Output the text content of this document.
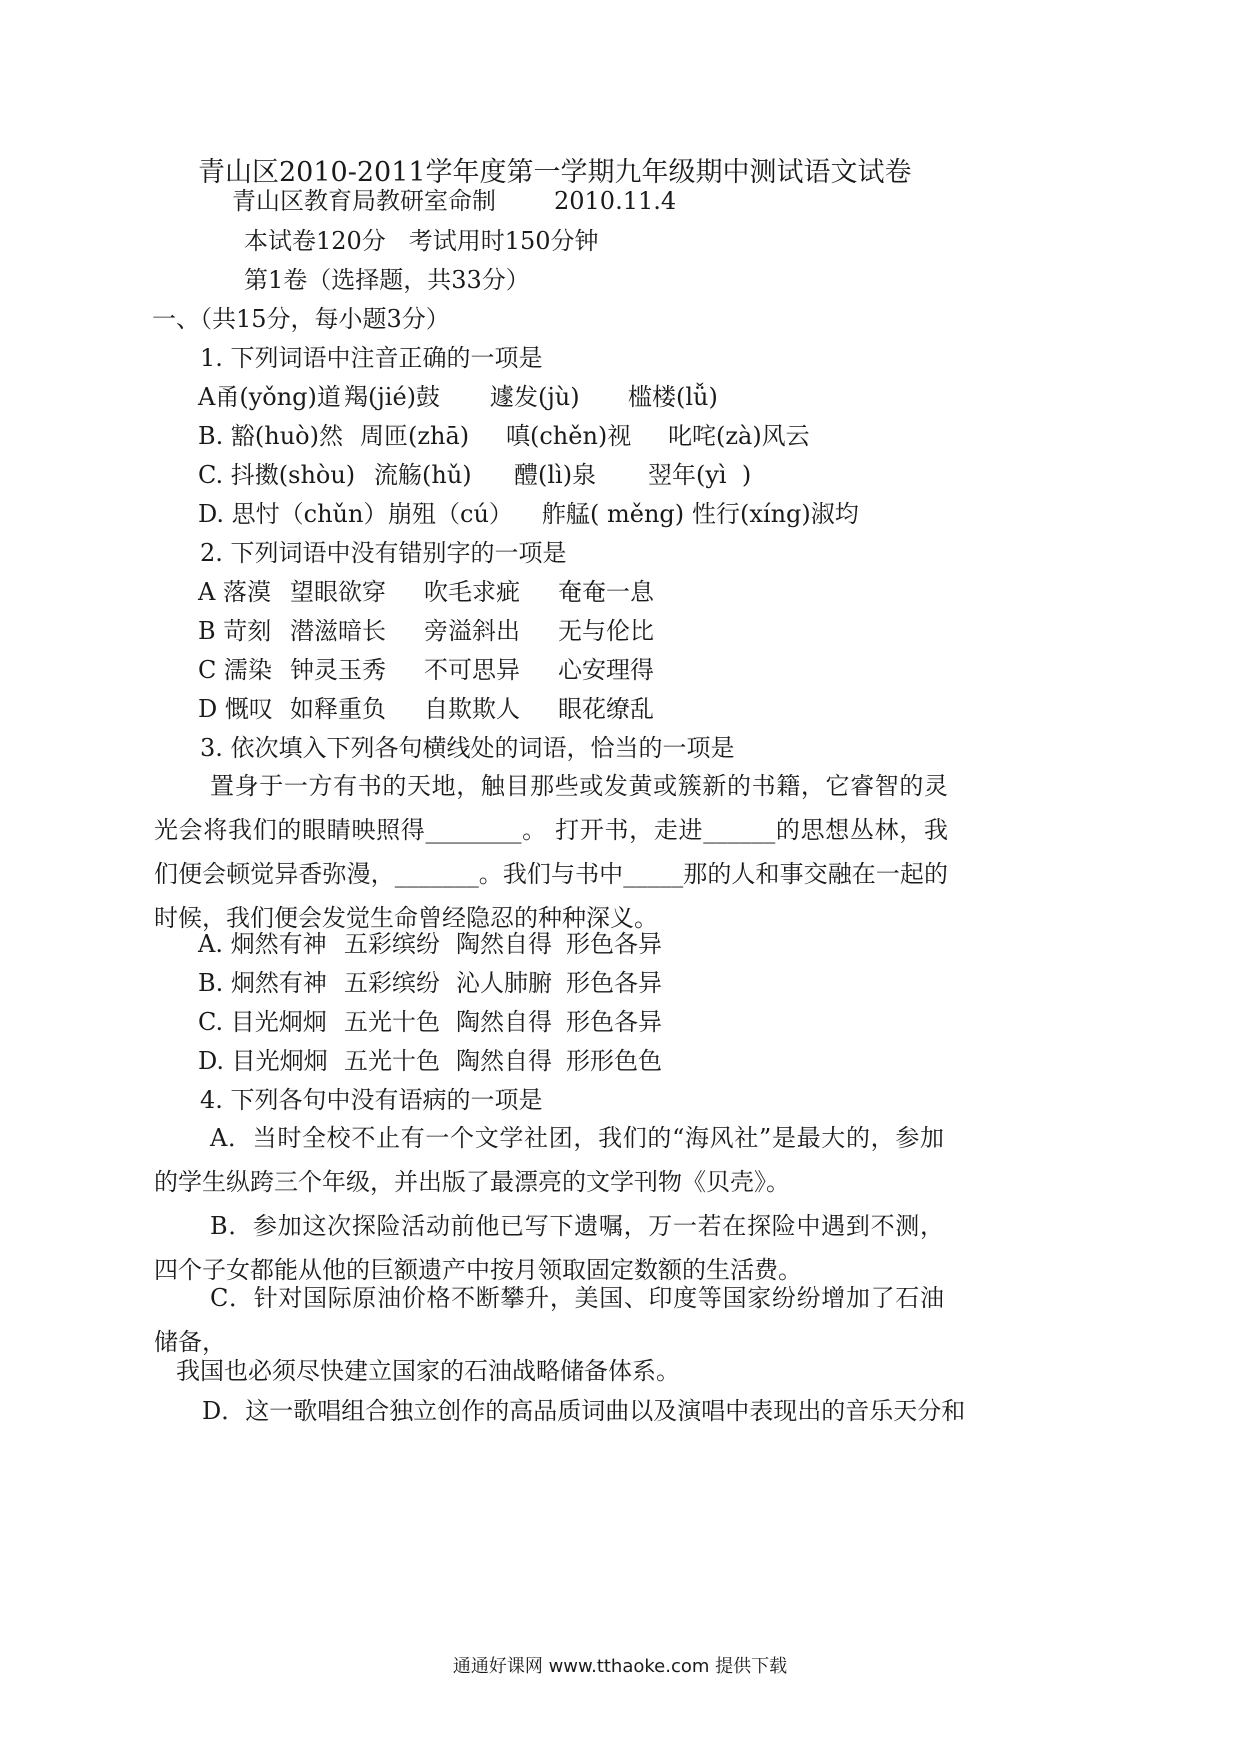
青山区2010-2011学年度第一学期九年级期中测试语文试卷
青山区教育局教研室命制 2010.11.4
本试卷120分   考试用时150分钟
第1卷（选择题，共33分）
一、（共15分，每小题3分）
1. 下列词语中注音正确的一项是

A甬(yǒng)道

羯(jié)鼓

遽发(jù)

槛楼(lǚ)

B. 豁(huò)然

周匝(zhā)

嗔(chěn)视

叱咤(zà)风云

C. 抖擞(shòu)

流觞(hǔ)

醴(lì)泉

翌年(yì  )

D. 思忖（chǔn）

崩殂（cú）

舴艋( měng)

性行(xíng)淑均

2. 下列词语中没有错别字的一项是

A 落漠

望眼欲穿

吹毛求疵

奄奄一息

B 苛刻

潜滋暗长

旁溢斜出

无与伦比

C 濡染

钟灵玉秀

不可思异

心安理得

D 慨叹

如释重负

自欺欺人

眼花缭乱

3. 依次填入下列各句横线处的词语，恰当的一项是
置身于一方有书的天地，触目那些或发黄或簇新的书籍，它睿智的灵光会将我们的眼睛映照得________。 打开书，走进______的思想丛林，我们便会顿觉异香弥漫，_______。我们与书中_____那的人和事交融在一起的时候，我们便会发觉生命曾经隐忍的种种深义。

A. 炯然有神

五彩缤纷

陶然自得

形色各异

B. 炯然有神

五彩缤纷

沁人肺腑

形色各异

C. 目光炯炯

五光十色

陶然自得

形色各异

D. 目光炯炯

五光十色

陶然自得

形形色色

4. 下列各句中没有语病的一项是
A．当时全校不止有一个文学社团，我们的“海风社”是最大的，参加的学生纵跨三个年级，并出版了最漂亮的文学刊物《贝壳》。
B．参加这次探险活动前他已写下遗嘱，万一若在探险中遇到不测，四个子女都能从他的巨额遗产中按月领取固定数额的生活费。
C．针对国际原油价格不断攀升，美国、印度等国家纷纷增加了石油储备，
我国也必须尽快建立国家的石油战略储备体系。
D．这一歌唱组合独立创作的高品质词曲以及演唱中表现出的音乐天分和
通通好课网 www.tthaoke.com 提供下载
